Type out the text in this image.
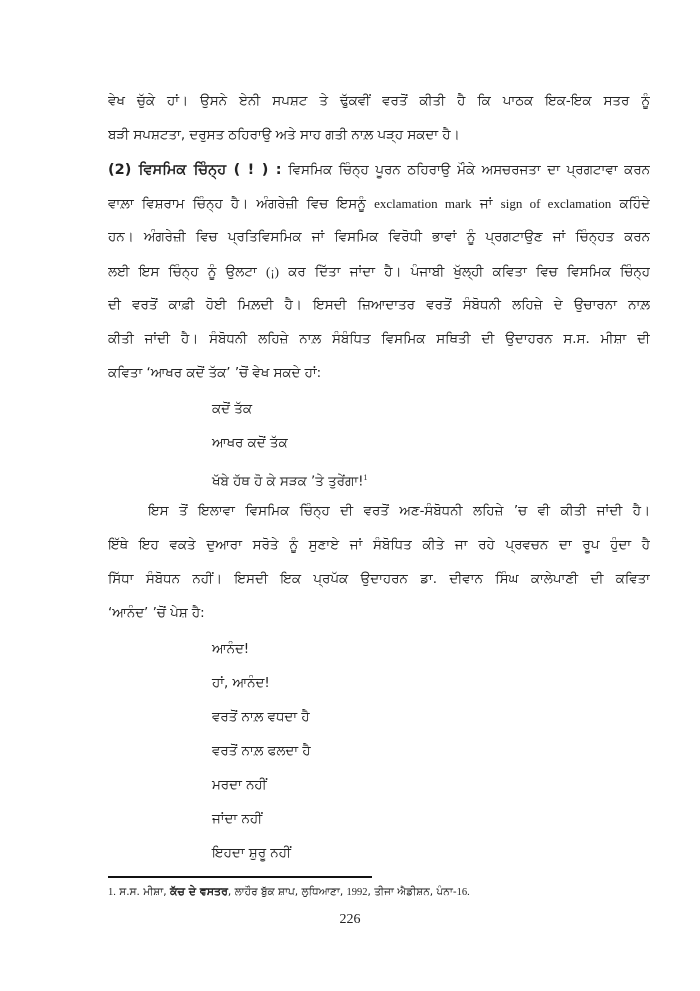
ਵੇਖ ਚੁੱਕੇ ਹਾਂ। ਉਸਨੇ ਏਨੀ ਸਪਸ਼ਟ ਤੇ ਢੁੱਕਵੀਂ ਵਰਤੋਂ ਕੀਤੀ ਹੈ ਕਿ ਪਾਠਕ ਇਕ-ਇਕ ਸਤਰ ਨੂੰ
ਬੜੀ ਸਪਸ਼ਟਤਾ, ਦਰੁਸਤ ਠਹਿਰਾਉ ਅਤੇ ਸਾਹ ਗਤੀ ਨਾਲ਼ ਪੜ੍ਹ ਸਕਦਾ ਹੈ।
(2) ਵਿਸਮਿਕ ਚਿੰਨ੍ਹ ( ! ) : ਵਿਸਮਿਕ ਚਿੰਨ੍ਹ ਪੂਰਨ ਠਹਿਰਾਉ ਮੌਕੇ ਅਸਚਰਜਤਾ ਦਾ ਪ੍ਰਗਟਾਵਾ ਕਰਨ
ਵਾਲ਼ਾ ਵਿਸ਼ਰਾਮ ਚਿੰਨ੍ਹ ਹੈ। ਅੰਗਰੇਜ਼ੀ ਵਿਚ ਇਸਨੂੰ exclamation mark ਜਾਂ sign of exclamation ਕਹਿੰਦੇ
ਹਨ। ਅੰਗਰੇਜ਼ੀ ਵਿਚ ਪ੍ਰਤਿਵਿਸਮਿਕ ਜਾਂ ਵਿਸਮਿਕ ਵਿਰੋਧੀ ਭਾਵਾਂ ਨੂੰ ਪ੍ਰਗਟਾਉਣ ਜਾਂ ਚਿੰਨ੍ਹਤ ਕਰਨ
ਲਈ ਇਸ ਚਿੰਨ੍ਹ ਨੂੰ ਉਲਟਾ (¡) ਕਰ ਦਿੱਤਾ ਜਾਂਦਾ ਹੈ। ਪੰਜਾਬੀ ਖੁੱਲ੍ਹੀ ਕਵਿਤਾ ਵਿਚ ਵਿਸਮਿਕ ਚਿੰਨ੍ਹ
ਦੀ ਵਰਤੋਂ ਕਾਫ਼ੀ ਹੋਈ ਮਿਲ਼ਦੀ ਹੈ। ਇਸਦੀ ਜ਼ਿਆਦਾਤਰ ਵਰਤੋਂ ਸੰਬੋਧਨੀ ਲਹਿਜ਼ੇ ਦੇ ਉਚਾਰਨਾ ਨਾਲ਼
ਕੀਤੀ ਜਾਂਦੀ ਹੈ। ਸੰਬੋਧਨੀ ਲਹਿਜ਼ੇ ਨਾਲ਼ ਸੰਬੰਧਿਤ ਵਿਸਮਿਕ ਸਥਿਤੀ ਦੀ ਉਦਾਹਰਨ ਸ.ਸ. ਮੀਸ਼ਾ ਦੀ
ਕਵਿਤਾ ‘ਆਖਰ ਕਦੋਂ ਤੱਕ’ ’ਚੋਂ ਵੇਖ ਸਕਦੇ ਹਾਂ:
ਕਦੋਂ ਤੱਕ
ਆਖਰ ਕਦੋਂ ਤੱਕ
ਖੱਬੇ ਹੱਥ ਹੋ ਕੇ ਸੜਕ ’ਤੇ ਤੁਰੇਂਗਾ!$^1$
ਇਸ ਤੋਂ ਇਲਾਵਾ ਵਿਸਮਿਕ ਚਿੰਨ੍ਹ ਦੀ ਵਰਤੋਂ ਅਣ-ਸੰਬੋਧਨੀ ਲਹਿਜ਼ੇ ’ਚ ਵੀ ਕੀਤੀ ਜਾਂਦੀ ਹੈ।
ਇੱਥੇ ਇਹ ਵਕਤੇ ਦੁਆਰਾ ਸਰੋਤੇ ਨੂੰ ਸੁਣਾਏ ਜਾਂ ਸੰਬੋਧਿਤ ਕੀਤੇ ਜਾ ਰਹੇ ਪ੍ਰਵਚਨ ਦਾ ਰੂਪ ਹੁੰਦਾ ਹੈ
ਸਿੱਧਾ ਸੰਬੋਧਨ ਨਹੀਂ। ਇਸਦੀ ਇਕ ਪ੍ਰਪੱਕ ਉਦਾਹਰਨ ਡਾ. ਦੀਵਾਨ ਸਿੰਘ ਕਾਲੇਪਾਣੀ ਦੀ ਕਵਿਤਾ
‘ਆਨੰਦ’ ’ਚੋਂ ਪੇਸ਼ ਹੈ:
ਆਨੰਦ!
ਹਾਂ, ਆਨੰਦ!
ਵਰਤੋਂ ਨਾਲ਼ ਵਧਦਾ ਹੈ
ਵਰਤੋਂ ਨਾਲ਼ ਫਲਦਾ ਹੈ
ਮਰਦਾ ਨਹੀਂ
ਜਾਂਦਾ ਨਹੀਂ
ਇਹਦਾ ਸ਼ੁਰੂ ਨਹੀਂ
1. ਸ.ਸ. ਮੀਸ਼ਾ, ਕੱਚ ਦੇ ਵਸਤਰ, ਲਾਹੌਰ ਬੁੱਕ ਸ਼ਾਪ, ਲੁਧਿਆਣਾ, 1992, ਤੀਜਾ ਐਡੀਸ਼ਨ, ਪੰਨਾ-16.
226
